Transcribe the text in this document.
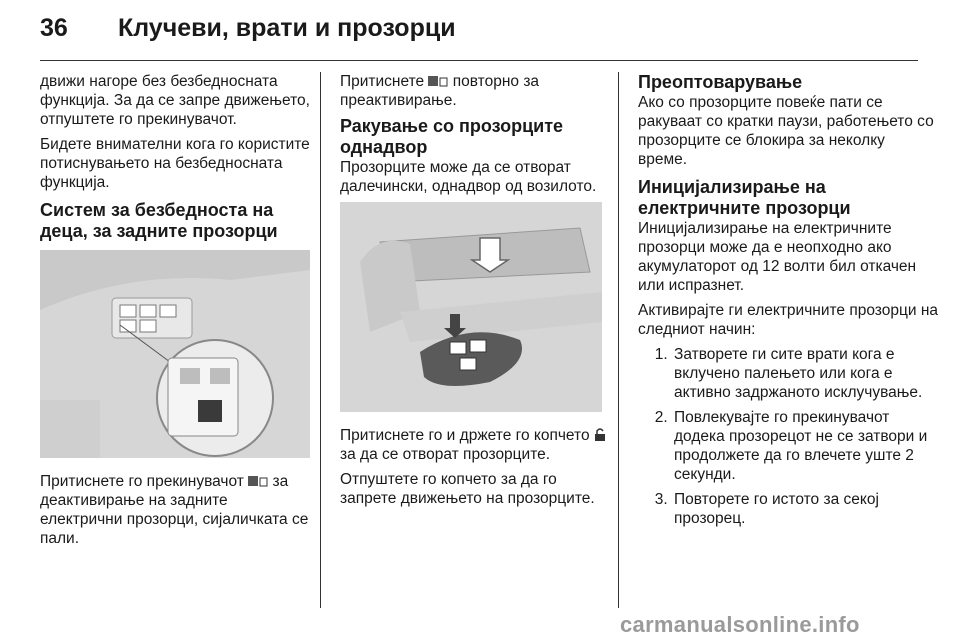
36 Клучеви, врати и прозорци

движи нагоре без безбедносната функција. За да се запре движењето, отпуштете го прекинувачот.

Бидете внимателни кога го користите потиснувањето на безбедносната функција.

Систем за безбедноста на деца, за задните прозорци

Притиснете го прекинувачот за деактивирање на задните електрични прозорци, сијаличката се пали.

Притиснете повторно за преактивирање.

Ракување со прозорците однадвор

Прозорците може да се отворат далечински, однадвор од возилото.

Притиснете го и држете го копчето  за да се отворат прозорците.

Отпуштете го копчето за да го запрете движењето на прозорците.

Преоптоварување

Ако со прозорците повеќе пати се ракуваат со кратки паузи, работењето со прозорците се блокира за неколку време.

Иницијализирање на електричните прозорци

Иницијализирање на електричните прозорци може да е неопходно ако акумулаторот од 12 волти бил откачен или испразнет.

Активирајте ги електричните прозорци на следниот начин:

1. Затворете ги сите врати кога е вклучено палењето или кога е активно задржаното исклучување.
2. Повлекувајте го прекинувачот додека прозорецот не се затвори и продолжете да го влечете уште 2 секунди.
3. Повторете го истото за секој прозорец.
carmanualsonline.info
